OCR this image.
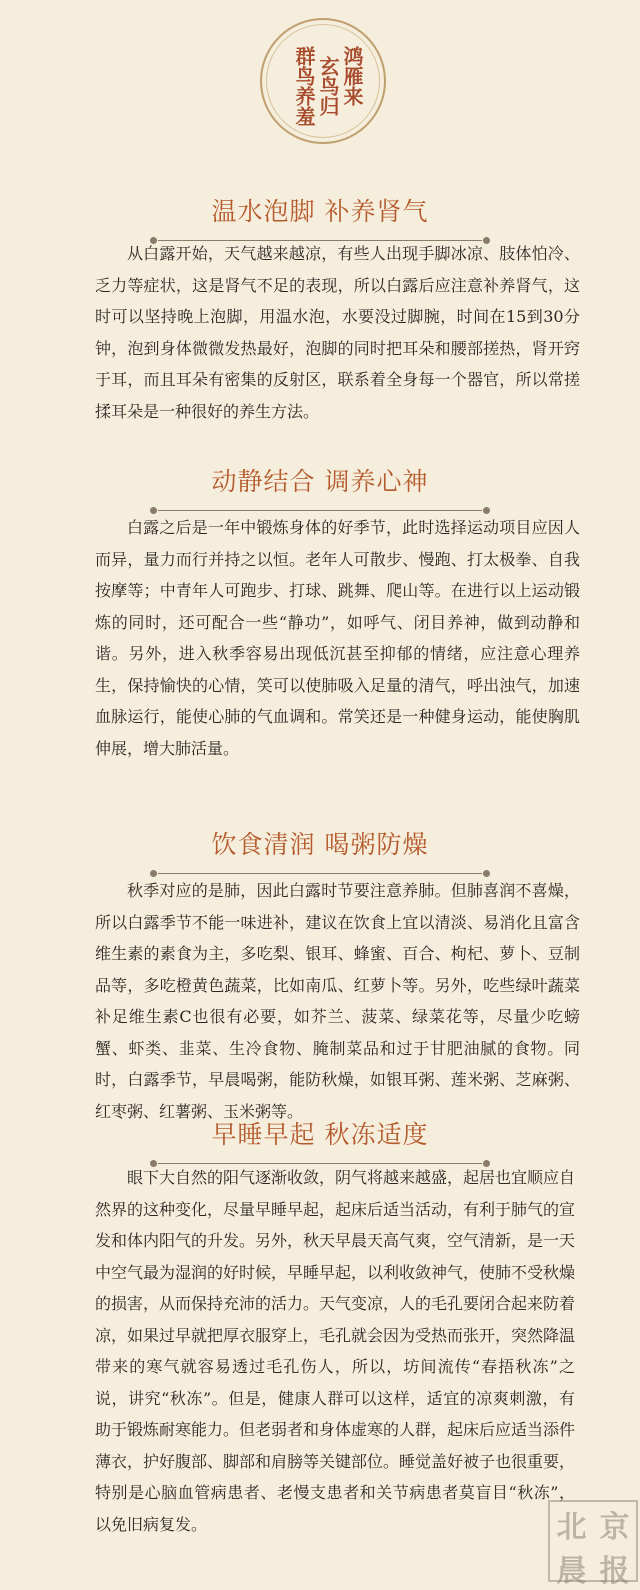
鸿雁来
玄鸟归
群鸟养羞
温水泡脚 补养肾气

从白露开始，天气越来越凉，有些人出现手脚冰凉、肢体怕冷、乏力等症状，这是肾气不足的表现，所以白露后应注意补养肾气，这时可以坚持晚上泡脚，用温水泡，水要没过脚腕，时间在15到30分钟，泡到身体微微发热最好，泡脚的同时把耳朵和腰部搓热，肾开窍于耳，而且耳朵有密集的反射区，联系着全身每一个器官，所以常搓揉耳朵是一种很好的养生方法。

动静结合 调养心神

白露之后是一年中锻炼身体的好季节，此时选择运动项目应因人而异，量力而行并持之以恒。老年人可散步、慢跑、打太极拳、自我按摩等；中青年人可跑步、打球、跳舞、爬山等。在进行以上运动锻炼的同时，还可配合一些“静功”，如呼气、闭目养神，做到动静和谐。另外，进入秋季容易出现低沉甚至抑郁的情绪，应注意心理养生，保持愉快的心情，笑可以使肺吸入足量的清气，呼出浊气，加速血脉运行，能使心肺的气血调和。常笑还是一种健身运动，能使胸肌伸展，增大肺活量。

饮食清润 喝粥防燥

秋季对应的是肺，因此白露时节要注意养肺。但肺喜润不喜燥，所以白露季节不能一味进补，建议在饮食上宜以清淡、易消化且富含维生素的素食为主，多吃梨、银耳、蜂蜜、百合、枸杞、萝卜、豆制品等，多吃橙黄色蔬菜，比如南瓜、红萝卜等。另外，吃些绿叶蔬菜补足维生素C也很有必要，如芥兰、菠菜、绿菜花等，尽量少吃螃蟹、虾类、韭菜、生冷食物、腌制菜品和过于甘肥油腻的食物。同时，白露季节，早晨喝粥，能防秋燥，如银耳粥、莲米粥、芝麻粥、红枣粥、红薯粥、玉米粥等。

早睡早起 秋冻适度

眼下大自然的阳气逐渐收敛，阴气将越来越盛，起居也宜顺应自然界的这种变化，尽量早睡早起，起床后适当活动，有利于肺气的宣发和体内阳气的升发。另外，秋天早晨天高气爽，空气清新，是一天中空气最为湿润的好时候，早睡早起，以利收敛神气，使肺不受秋燥的损害，从而保持充沛的活力。天气变凉，人的毛孔要闭合起来防着凉，如果过早就把厚衣服穿上，毛孔就会因为受热而张开，突然降温带来的寒气就容易透过毛孔伤人，所以，坊间流传“春捂秋冻”之说，讲究“秋冻”。但是，健康人群可以这样，适宜的凉爽刺激，有助于锻炼耐寒能力。但老弱者和身体虚寒的人群，起床后应适当添件薄衣，护好腹部、脚部和肩膀等关键部位。睡觉盖好被子也很重要，特别是心脑血管病患者、老慢支患者和关节病患者莫盲目“秋冻”，以免旧病复发。	北 京
晨 报
